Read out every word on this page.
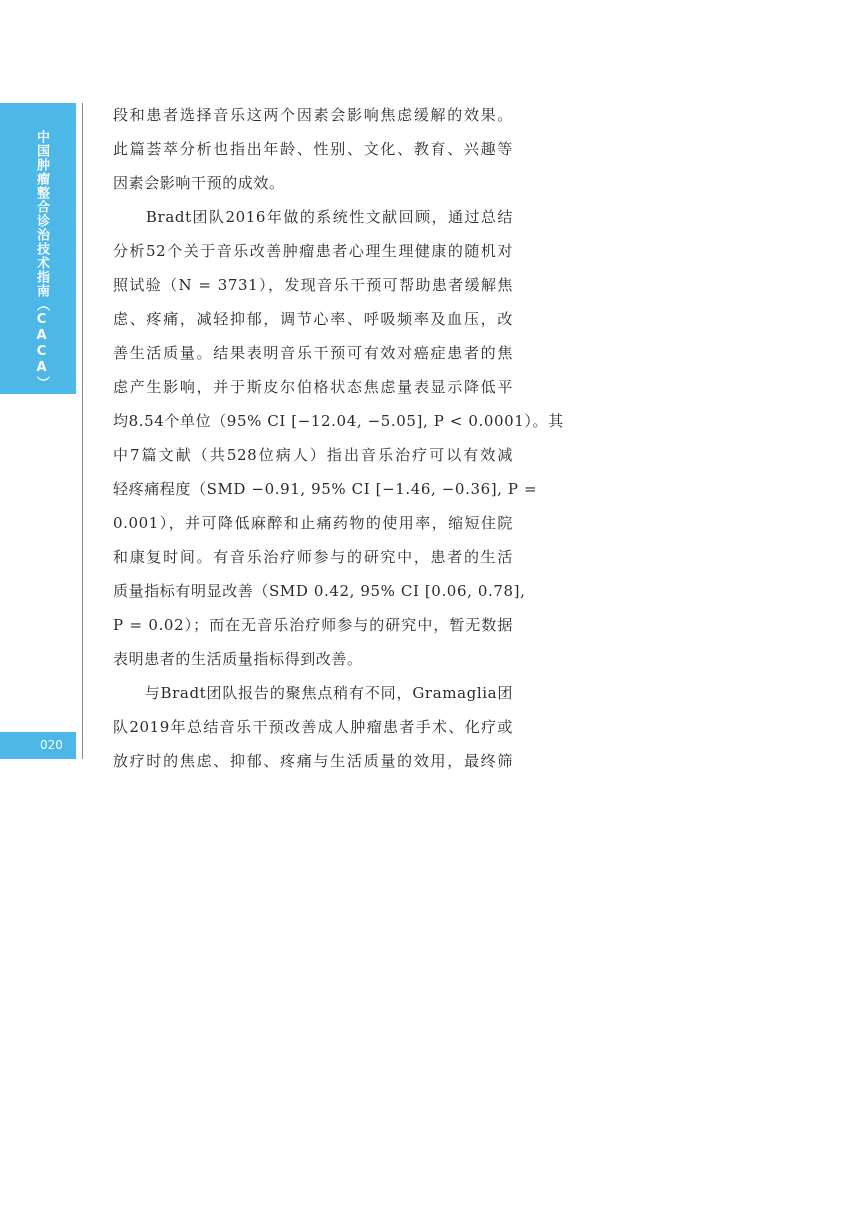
中国肿瘤整合诊治技术指南（CACA）
020

段和患者选择音乐这两个因素会影响焦虑缓解的效果。

此篇荟萃分析也指出年龄、性别、文化、教育、兴趣等

因素会影响干预的成效。

　　Bradt团队2016年做的系统性文献回顾，通过总结

分析52个关于音乐改善肿瘤患者心理生理健康的随机对

照试验（N = 3731），发现音乐干预可帮助患者缓解焦

虑、疼痛，减轻抑郁，调节心率、呼吸频率及血压，改

善生活质量。结果表明音乐干预可有效对癌症患者的焦

虑产生影响，并于斯皮尔伯格状态焦虑量表显示降低平

均8.54个单位（95% CI [−12.04, −5.05], P < 0.0001）。其

中7篇文献（共528位病人）指出音乐治疗可以有效减

轻疼痛程度（SMD −0.91, 95% CI [−1.46, −0.36], P =

0.001），并可降低麻醉和止痛药物的使用率，缩短住院

和康复时间。有音乐治疗师参与的研究中，患者的生活

质量指标有明显改善（SMD 0.42, 95% CI [0.06, 0.78],

P = 0.02）；而在无音乐治疗师参与的研究中，暂无数据

表明患者的生活质量指标得到改善。

　　与Bradt团队报告的聚焦点稍有不同，Gramaglia团

队2019年总结音乐干预改善成人肿瘤患者手术、化疗或

放疗时的焦虑、抑郁、疼痛与生活质量的效用，最终筛
